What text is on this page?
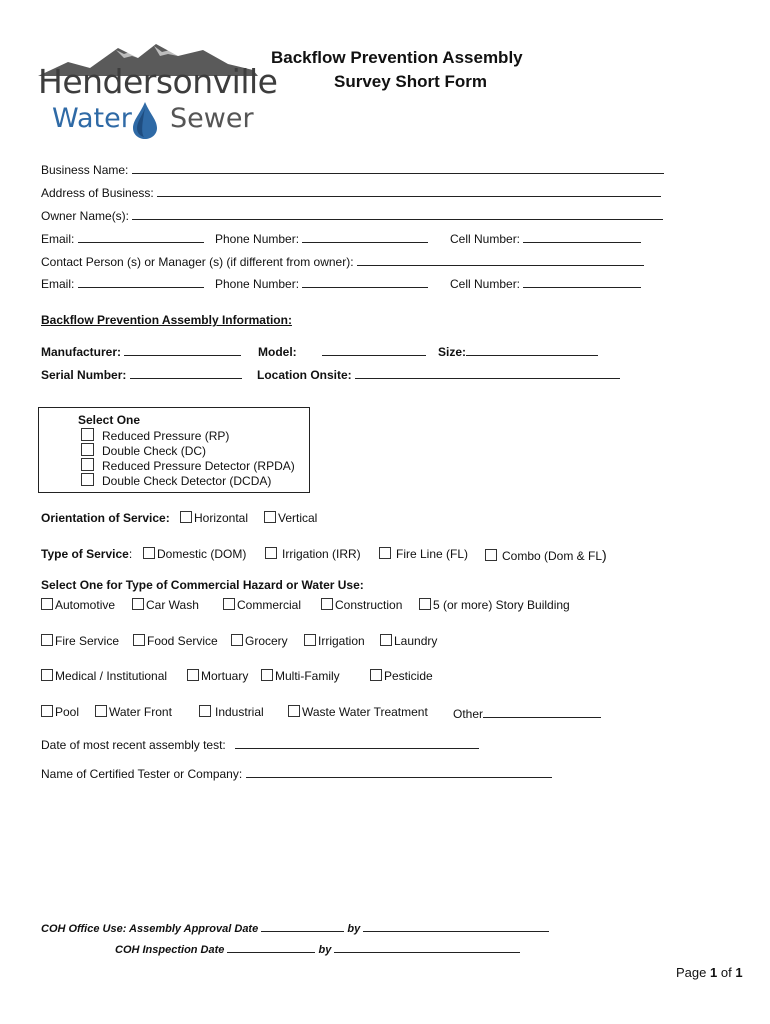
Hendersonville
Water Sewer
Backflow Prevention Assembly
Survey Short Form
Business Name:
Address of Business:
Owner Name(s):
Email:	Phone Number:	Cell Number:
Contact Person (s) or Manager (s) (if different from owner):
Email:	Phone Number:	Cell Number:
Backflow Prevention Assembly Information:
Manufacturer:	Model:	Size:
Serial Number:	Location Onsite:
Select One
Reduced Pressure (RP)
Double Check (DC)
Reduced Pressure Detector (RPDA)
Double Check Detector (DCDA)
Orientation of Service:	Horizontal	Vertical
Type of Service:	Domestic (DOM)	Irrigation (IRR)	Fire Line (FL)	Combo (Dom & FL)
Select One for Type of Commercial Hazard or Water Use:
Automotive	Car Wash	Commercial	Construction	5 (or more) Story Building
Fire Service	Food Service	Grocery	Irrigation	Laundry
Medical / Institutional	Mortuary	Multi-Family	Pesticide
Pool	Water Front	Industrial	Waste Water Treatment Other
Date of most recent assembly test:
Name of Certified Tester or Company:
COH Office Use: Assembly Approval Date	by
COH Inspection Date	by
Page 1 of 1
